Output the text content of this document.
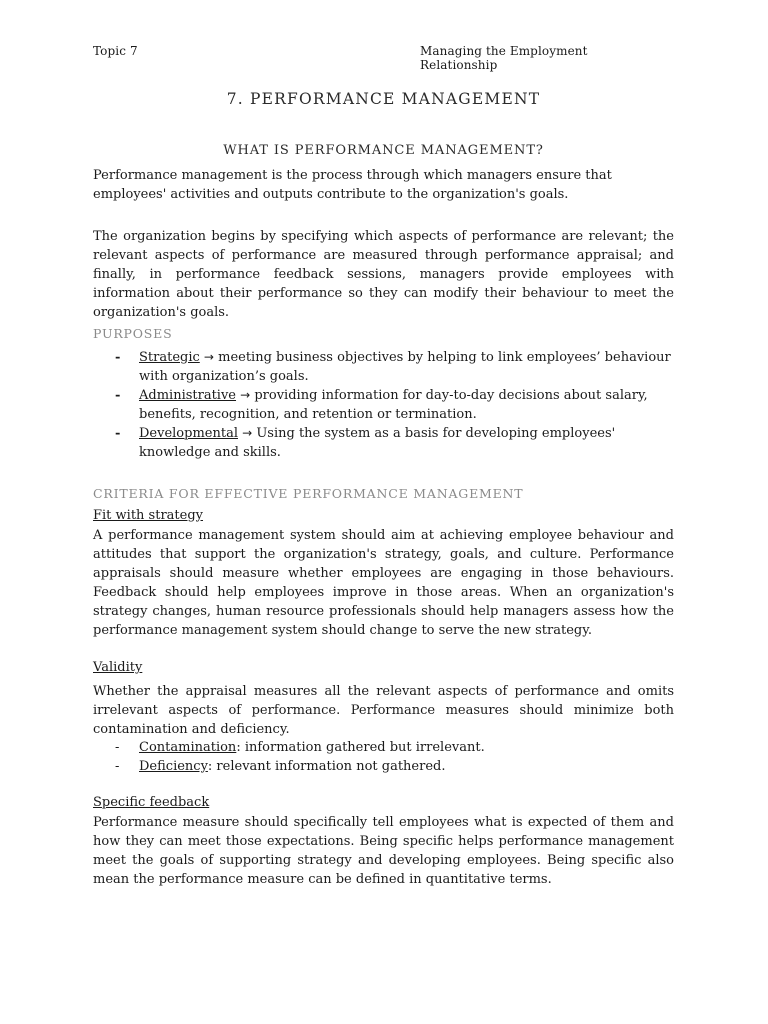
Topic 7	Managing the Employment Relationship
7. PERFORMANCE MANAGEMENT
WHAT IS PERFORMANCE MANAGEMENT?

Performance management is the process through which managers ensure that employees' activities and outputs contribute to the organization's goals.

The organization begins by specifying which aspects of performance are relevant; the relevant aspects of performance are measured through performance appraisal; and finally, in performance feedback sessions, managers provide employees with information about their performance so they can modify their behaviour to meet the organization's goals.

PURPOSES
- Strategic → meeting business objectives by helping to link employees’ behaviour with organization’s goals.
- Administrative → providing information for day-to-day decisions about salary, benefits, recognition, and retention or termination.
- Developmental → Using the system as a basis for developing employees' knowledge and skills.
CRITERIA FOR EFFECTIVE PERFORMANCE MANAGEMENT
Fit with strategy

A performance management system should aim at achieving employee behaviour and attitudes that support the organization's strategy, goals, and culture. Performance appraisals should measure whether employees are engaging in those behaviours. Feedback should help employees improve in those areas. When an organization's strategy changes, human resource professionals should help managers assess how the performance management system should change to serve the new strategy.

Validity

Whether the appraisal measures all the relevant aspects of performance and omits irrelevant aspects of performance. Performance measures should minimize both contamination and deficiency.

- Contamination: information gathered but irrelevant.
- Deficiency: relevant information not gathered.
Specific feedback

Performance measure should specifically tell employees what is expected of them and how they can meet those expectations. Being specific helps performance management meet the goals of supporting strategy and developing employees. Being specific also mean the performance measure can be defined in quantitative terms.
